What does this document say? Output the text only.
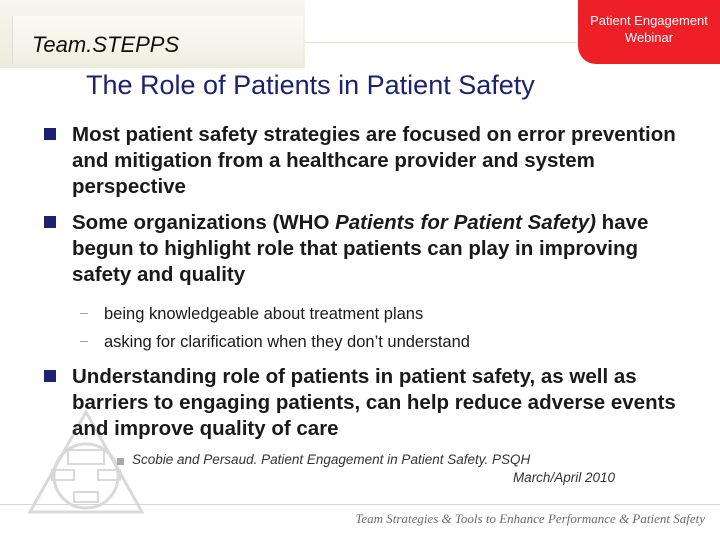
Team.STEPPS
Patient Engagement
Webinar
The Role of Patients in Patient Safety
Most patient safety strategies are focused on error prevention and mitigation from a healthcare provider and system perspective
Some organizations (WHO Patients for Patient Safety) have begun to highlight role that patients can play in improving safety and quality
– being knowledgeable about treatment plans
– asking for clarification when they don’t understand
Understanding role of patients in patient safety, as well as barriers to engaging patients, can help reduce adverse events and improve quality of care
Scobie and Persaud. Patient Engagement in Patient Safety. PSQH
March/April 2010
Team Strategies & Tools to Enhance Performance & Patient Safety
